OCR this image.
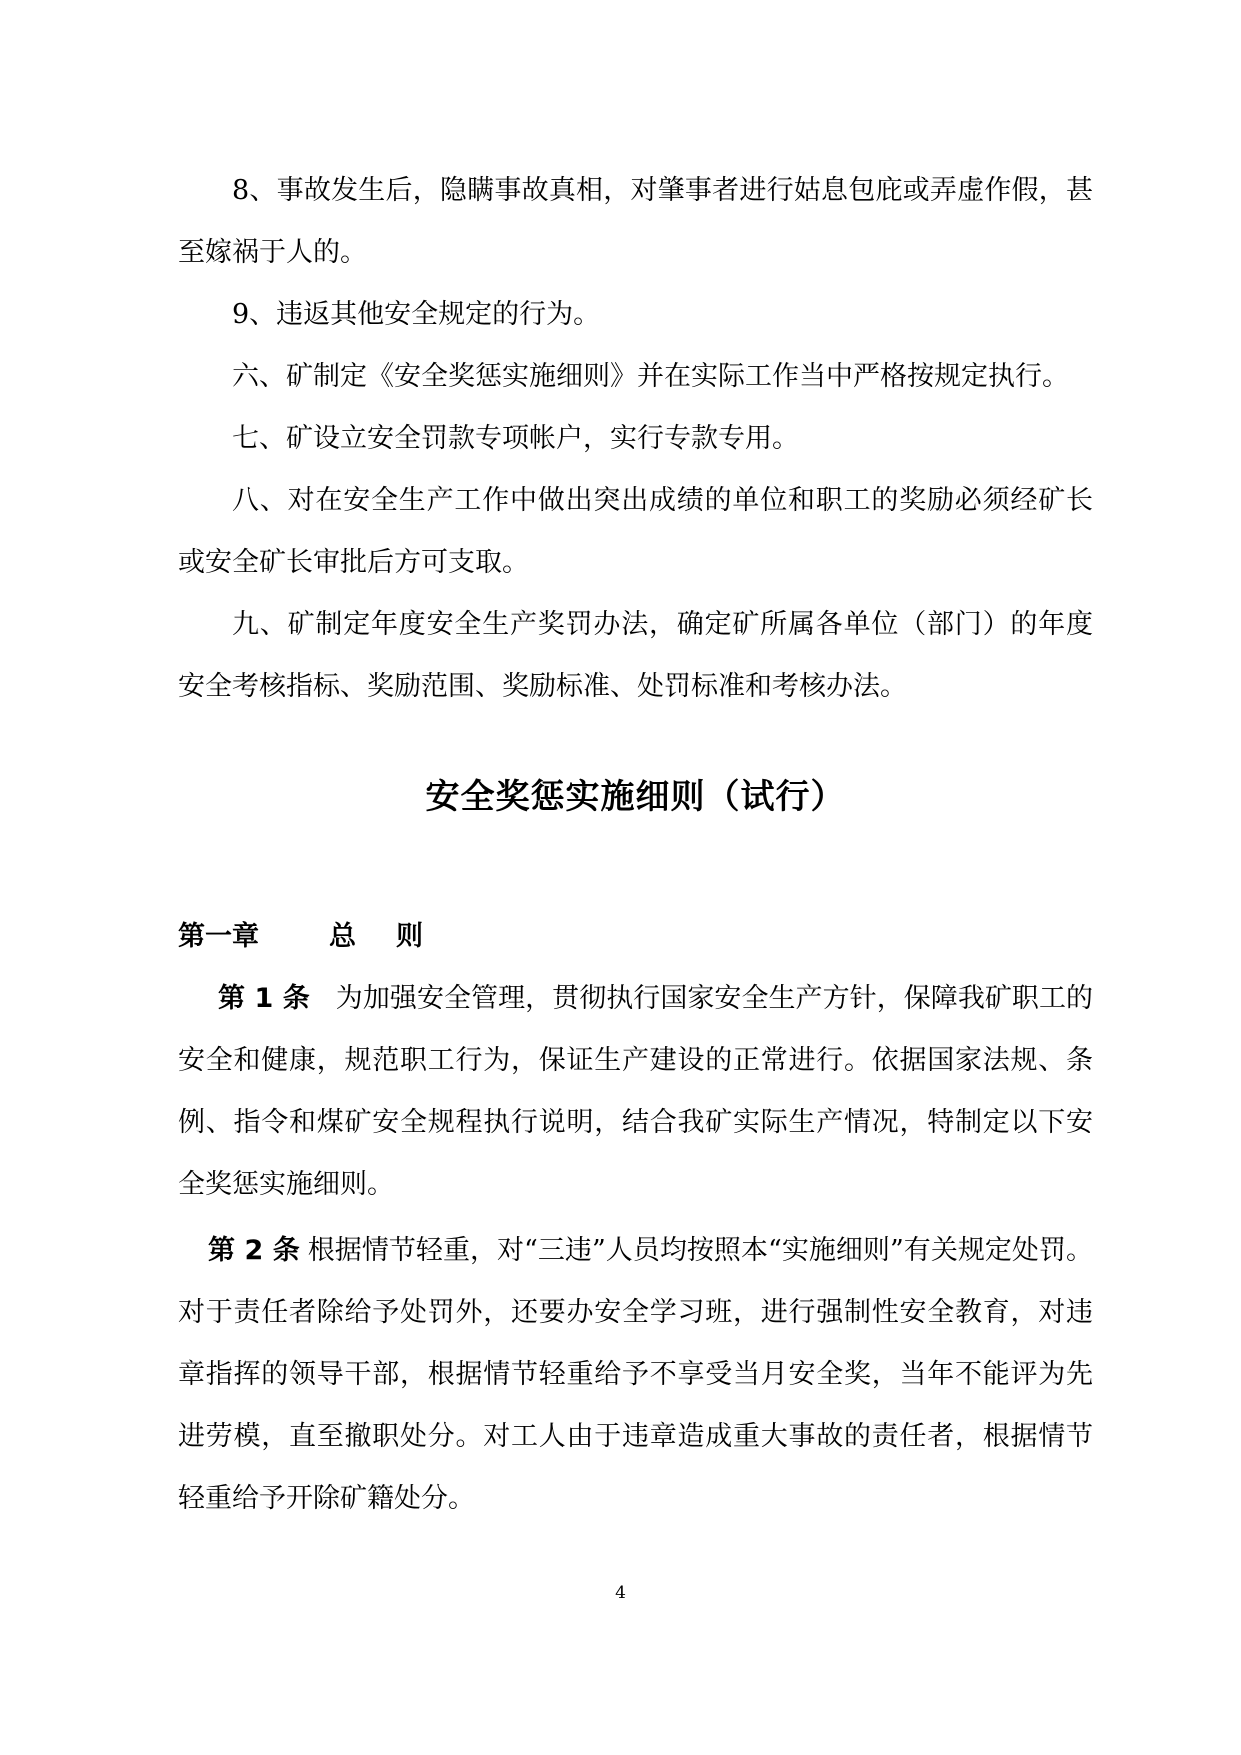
8、事故发生后，隐瞒事故真相，对肇事者进行姑息包庇或弄虚作假，甚至嫁祸于人的。

9、违返其他安全规定的行为。

六、矿制定《安全奖惩实施细则》并在实际工作当中严格按规定执行。

七、矿设立安全罚款专项帐户，实行专款专用。

八、对在安全生产工作中做出突出成绩的单位和职工的奖励必须经矿长或安全矿长审批后方可支取。

九、矿制定年度安全生产奖罚办法，确定矿所属各单位（部门）的年度安全考核指标、奖励范围、奖励标准、处罚标准和考核办法。

安全奖惩实施细则（试行）

第一章	总 则

第 1 条 为加强安全管理，贯彻执行国家安全生产方针，保障我矿职工的安全和健康，规范职工行为，保证生产建设的正常进行。依据国家法规、条例、指令和煤矿安全规程执行说明，结合我矿实际生产情况，特制定以下安全奖惩实施细则。

第 2 条 根据情节轻重，对“三违”人员均按照本“实施细则”有关规定处罚。对于责任者除给予处罚外，还要办安全学习班，进行强制性安全教育，对违章指挥的领导干部，根据情节轻重给予不享受当月安全奖，当年不能评为先进劳模，直至撤职处分。对工人由于违章造成重大事故的责任者，根据情节轻重给予开除矿籍处分。

4
